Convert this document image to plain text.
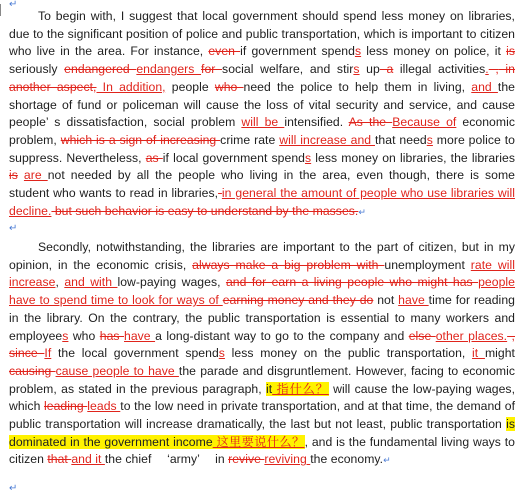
↵
To begin with, I suggest that local government should spend less money on libraries, due to the significant position of police and public transportation, which is important to citizen who live in the area. For instance, even if government spends less money on police, it is seriously endangered endangers for social welfare, and stirs up a illegal activities. , in another aspect, In addition, people who need the police to help them in living, and the shortage of fund or policeman will cause the loss of vital security and service, and cause people’ s dissatisfaction, social problem will be intensified. As the Because of economic problem, which is a sign of increasing crime rate will increase and that needs more police to suppress. Nevertheless, as if local government spends less money on libraries, the libraries is are not needed by all the people who living in the area, even though, there is some student who wants to read in libraries, in general the amount of people who use libraries will decline. but such behavior is easy to understand by the masses.↵
↵
Secondly, notwithstanding, the libraries are important to the part of citizen, but in my opinion, in the economic crisis, always make a big problem with unemployment rate will increase, and with low-paying wages, and for earn a living people who might has people have to spend time to look for ways of earning money and they do not have time for reading in the library. On the contrary, the public transportation is essential to many workers and employees who has have a long-distant way to go to the company and else other places. , since If the local government spends less money on the public transportation, it might causing cause people to have the parade and disgruntlement. However, facing to economic problem, as stated in the previous paragraph, it 指什么？ will cause the low-paying wages, which leading leads to the low need in private transportation, and at that time, the demand of public transportation will increase dramatically, the last but not least, public transportation is dominated in the government income 这里要说什么？, and is the fundamental living ways to citizen that and it the chief  ‘army’  in revive reviving the economy.↵
↵
